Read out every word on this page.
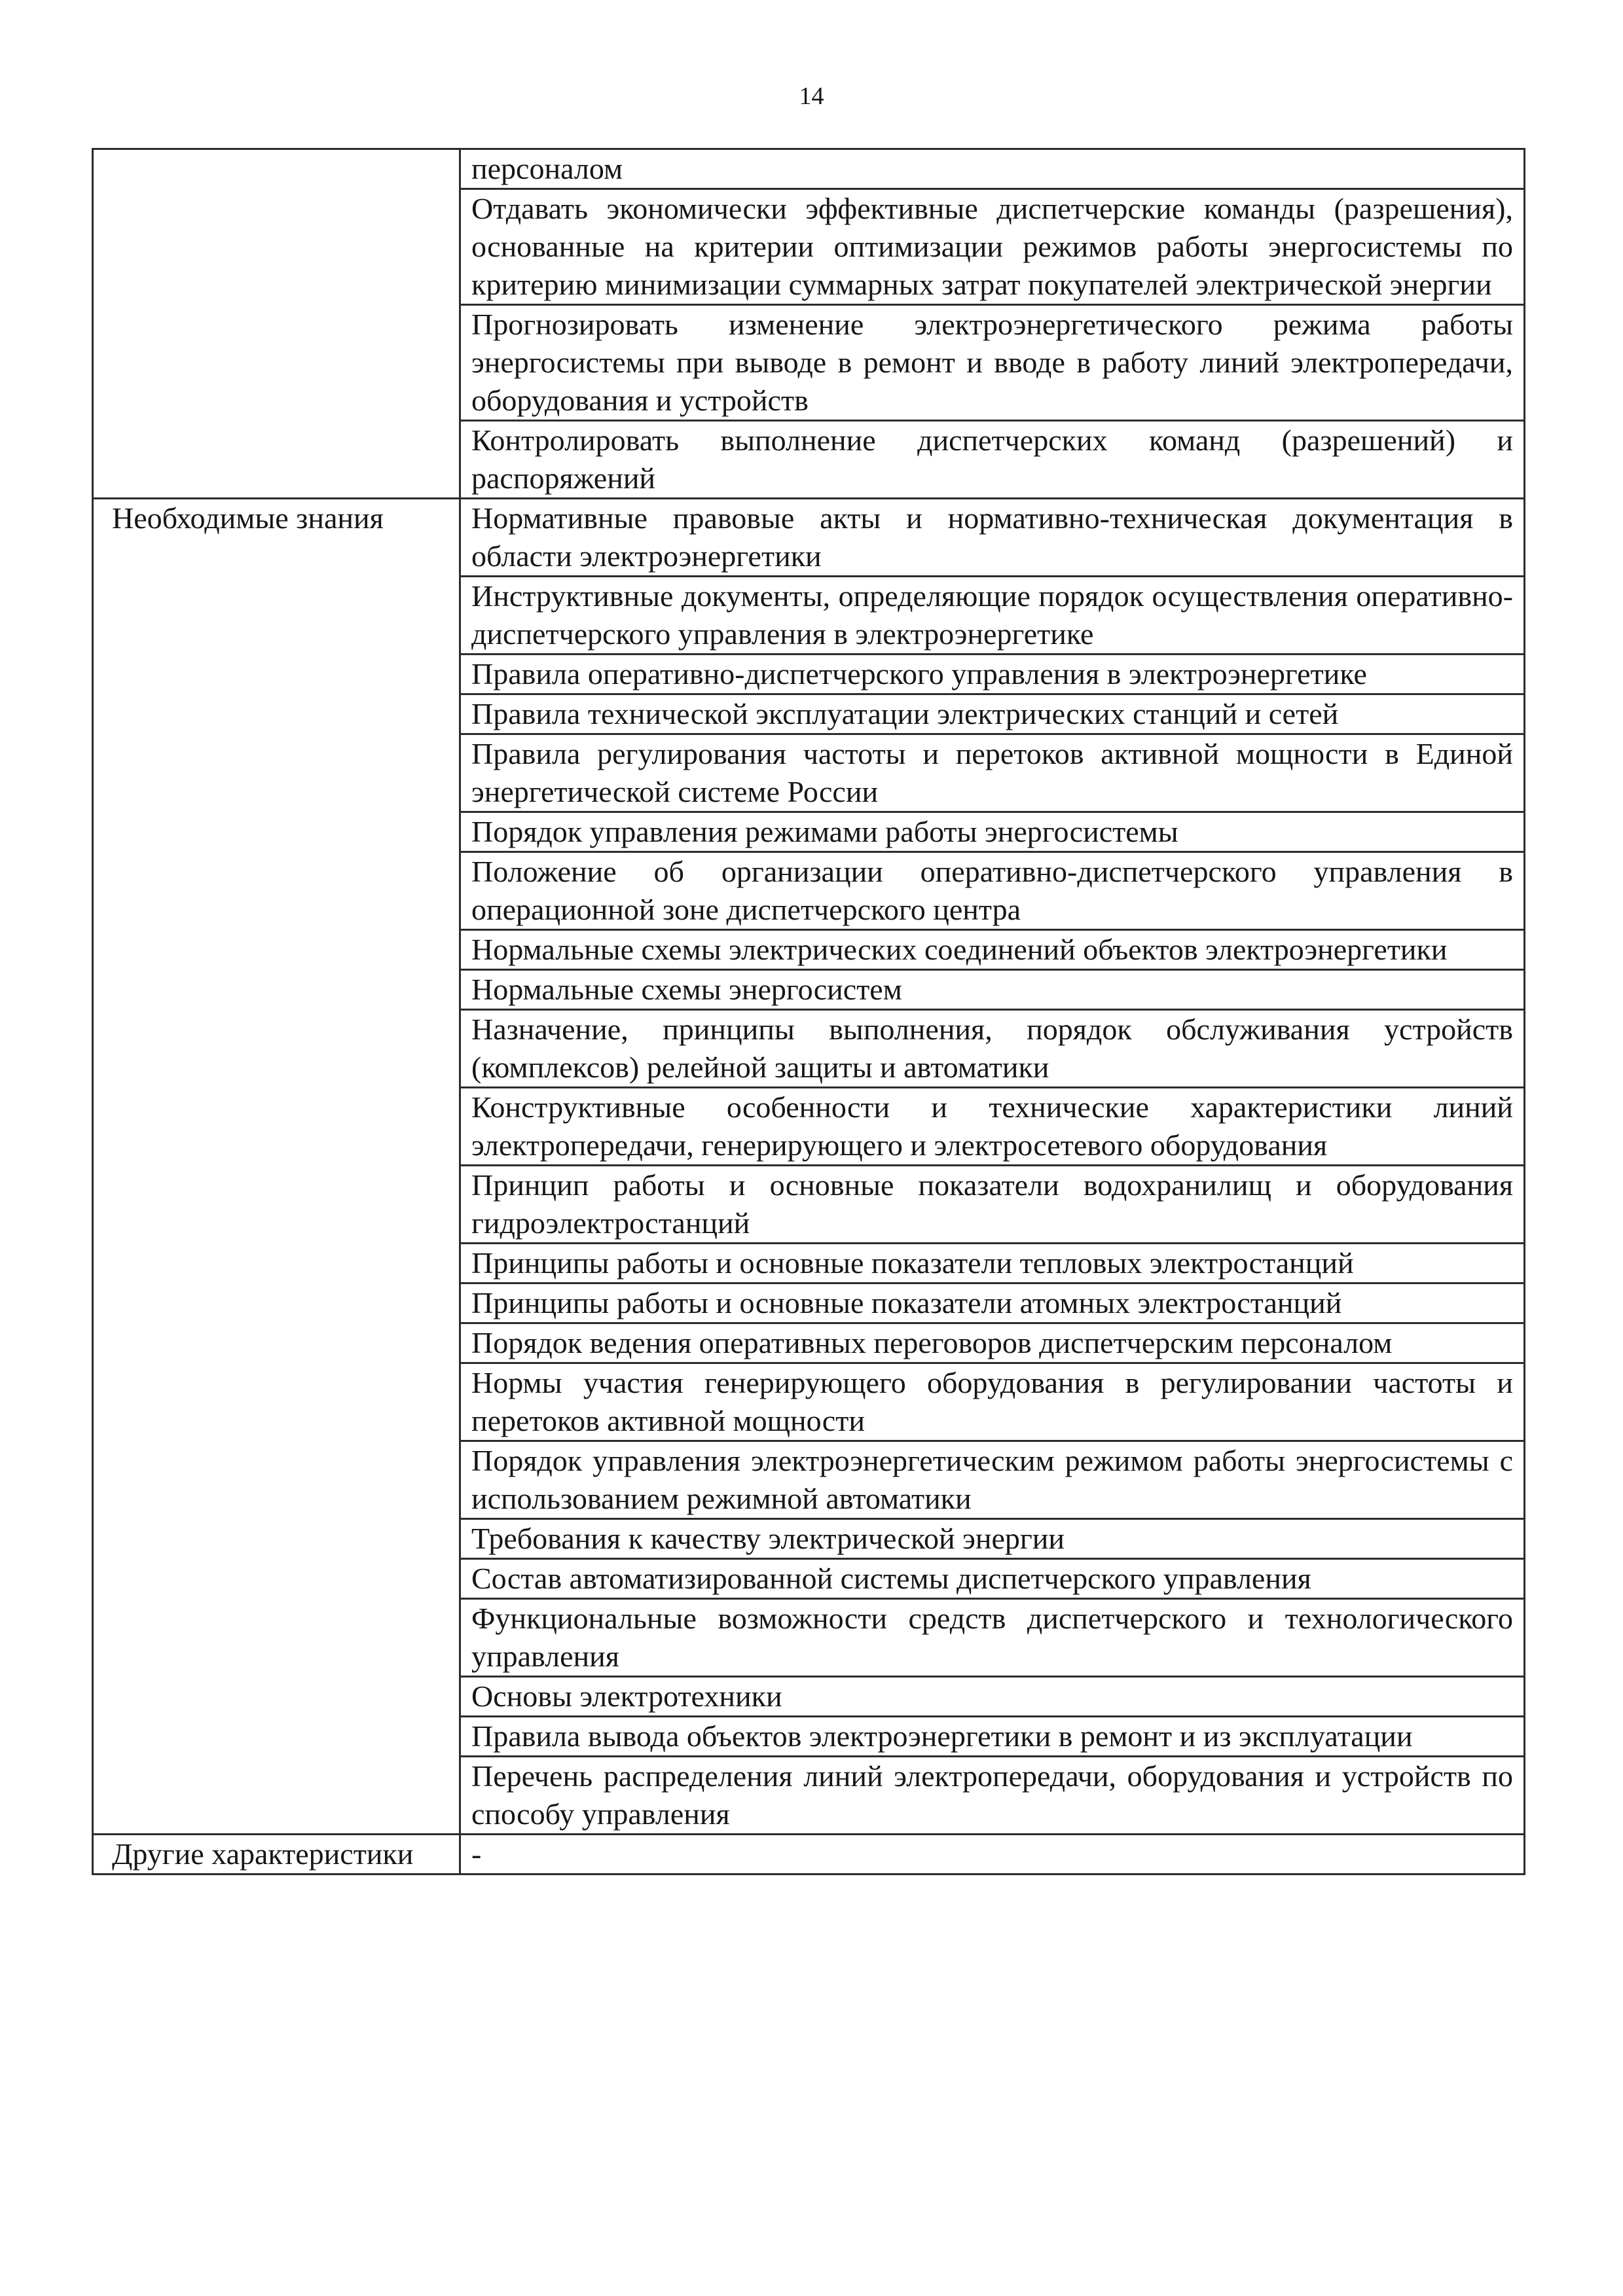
14
	персоналом
	Отдавать экономически эффективные диспетчерские команды (разрешения), основанные на критерии оптимизации режимов работы энергосистемы по критерию минимизации суммарных затрат покупателей электрической энергии
	Прогнозировать изменение электроэнергетического режима работы энергосистемы при выводе в ремонт и вводе в работу линий электропередачи, оборудования и устройств
	Контролировать выполнение диспетчерских команд (разрешений) и распоряжений
Необходимые знания	Нормативные правовые акты и нормативно-техническая документация в области электроэнергетики
	Инструктивные документы, определяющие порядок осуществления оперативно-диспетчерского управления в электроэнергетике
	Правила оперативно-диспетчерского управления в электроэнергетике
	Правила технической эксплуатации электрических станций и сетей
	Правила регулирования частоты и перетоков активной мощности в Единой энергетической системе России
	Порядок управления режимами работы энергосистемы
	Положение об организации оперативно-диспетчерского управления в операционной зоне диспетчерского центра
	Нормальные схемы электрических соединений объектов электроэнергетики
	Нормальные схемы энергосистем
	Назначение, принципы выполнения, порядок обслуживания устройств (комплексов) релейной защиты и автоматики
	Конструктивные особенности и технические характеристики линий электропередачи, генерирующего и электросетевого оборудования
	Принцип работы и основные показатели водохранилищ и оборудования гидроэлектростанций
	Принципы работы и основные показатели тепловых электростанций
	Принципы работы и основные показатели атомных электростанций
	Порядок ведения оперативных переговоров диспетчерским персоналом
	Нормы участия генерирующего оборудования в регулировании частоты и перетоков активной мощности
	Порядок управления электроэнергетическим режимом работы энергосистемы с использованием режимной автоматики
	Требования к качеству электрической энергии
	Состав автоматизированной системы диспетчерского управления
	Функциональные возможности средств диспетчерского и технологического управления
	Основы электротехники
	Правила вывода объектов электроэнергетики в ремонт и из эксплуатации
	Перечень распределения линий электропередачи, оборудования и устройств по способу управления
Другие характеристики	-
